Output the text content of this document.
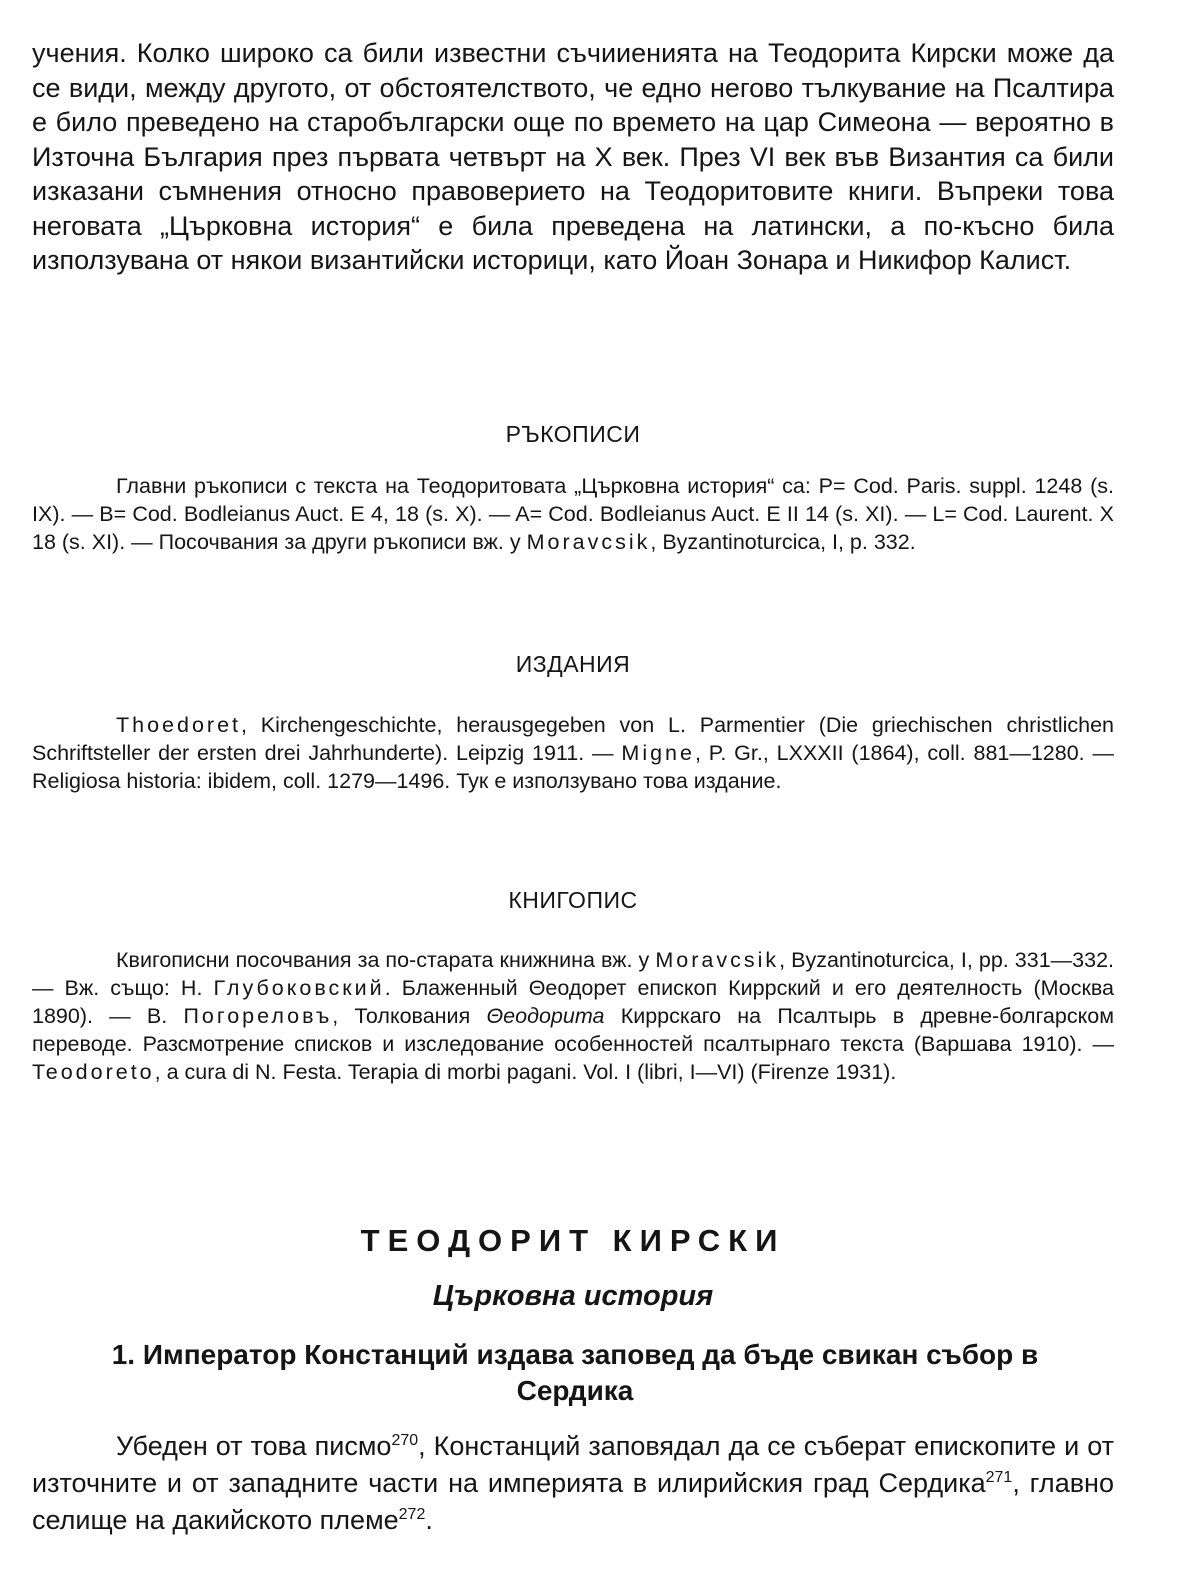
учения. Колко широко са били известни съчииенията на Теодорита Кирски може да се види, между другото, от обстоятелството, че едно негово тълкувание на Псалтира е било преведено на старобългарски още по времето на цар Симеона — вероятно в Източна България през първата четвърт на X век. През VI век във Византия са били изказани съмнения относно правоверието на Теодоритовите книги. Въпреки това неговата „Църковна история“ е била преведена на латински, а по-късно била използувана от някои византийски историци, като Йоан Зонара и Никифор Калист.

РЪКОПИСИ

Главни ръкописи с текста на Теодоритовата „Църковна история“ са: P= Cod. Paris. suppl. 1248 (s. IX). — B= Cod. Bodleianus Auct. E 4, 18 (s. X). — A= Cod. Bodleianus Auct. E II 14 (s. XI). — L= Cod. Laurent. X 18 (s. XI). — Посочвания за други ръкописи вж. у Moravcsik, Byzantinoturcica, I, p. 332.

ИЗДАНИЯ

Thoedoret, Kirchengeschichte, herausgegeben von L. Parmentier (Die griechischen christlichen Schriftsteller der ersten drei Jahrhunderte). Leipzig 1911. — Migne, P. Gr., LXXXII (1864), coll. 881—1280. — Religiosa historia: ibidem, coll. 1279—1496. Тук е използувано това издание.

КНИГОПИС

Квигописни посочвания за по-старата книжнина вж. у Moravcsik, Byzantinoturcica, I, pp. 331—332. — Вж. също: Н. Глубоковский. Блаженный Θеодорет епископ Киррский и его деятелность (Москва 1890). — В. Погореловъ, Толкования Θеодорита Киррскаго на Псалтырь в древне-болгарском переводе. Разсмотрение списков и изследование особенностей псалтырнаго текста (Варшава 1910). — Teodoreto, a cura di N. Festa. Terapia di morbi pagani. Vol. I (libri, I—VI) (Firenze 1931).

ТЕОДОРИТ КИРСКИ
Църковна история
1. Император Констанций издава заповед да бъде свикан събор в Сердика

Убеден от това писмо$^{270}$, Констанций заповядал да се съберат епископите и от източните и от западните части на империята в илирийския град Сердика$^{271}$, главно селище на дакийското племе$^{272}$.
